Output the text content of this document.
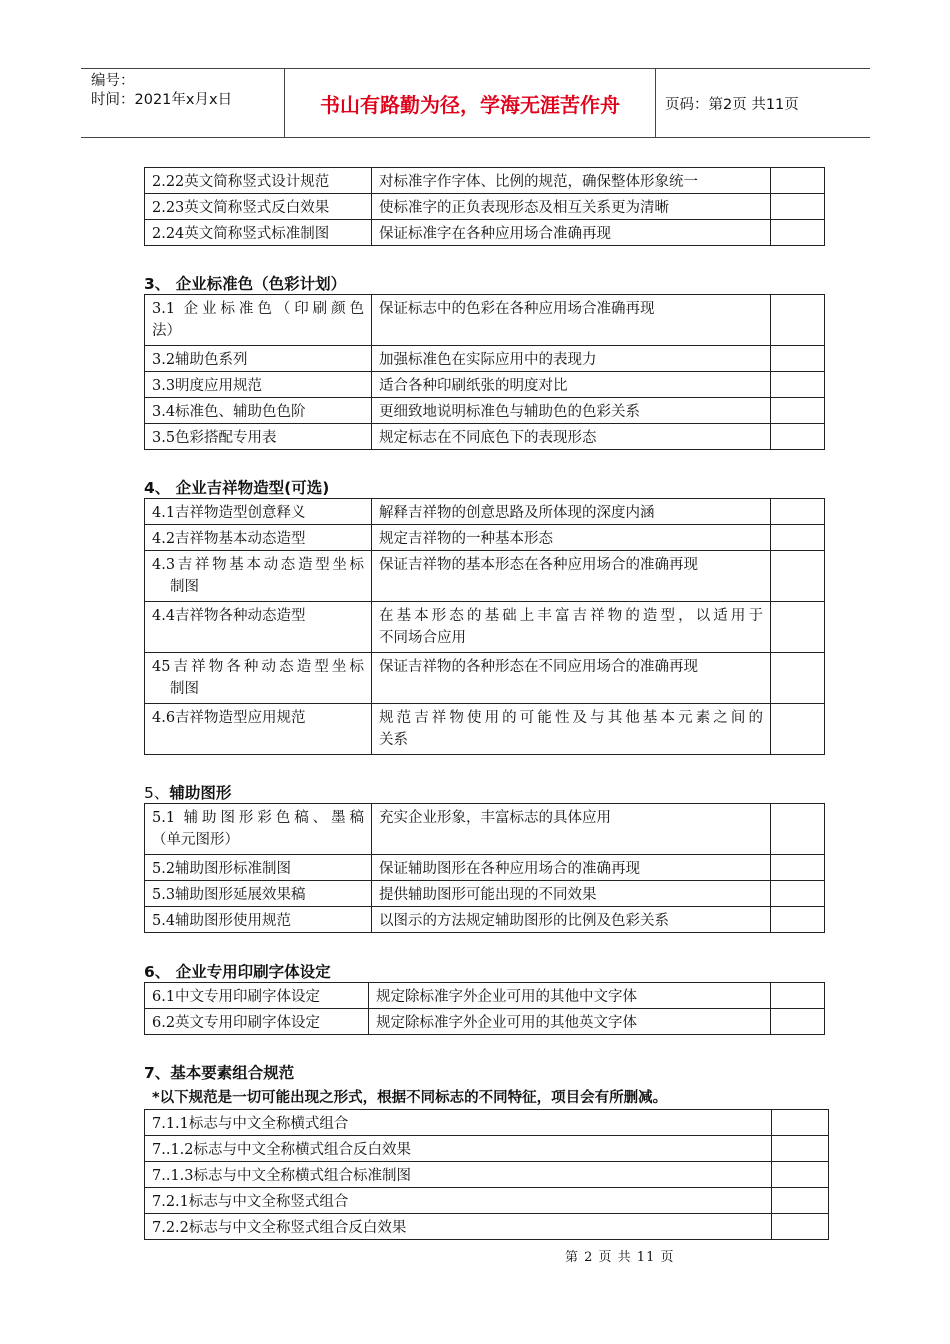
编号：
时间：2021年x月x日	书山有路勤为径，学海无涯苦作舟	页码：第2页 共11页
2.22英文简称竖式设计规范	对标准字作字体、比例的规范，确保整体形象统一	
2.23英文简称竖式反白效果	使标准字的正负表现形态及相互关系更为清晰	
2.24英文简称竖式标准制图	保证标准字在各种应用场合准确再现	
3、 企业标准色（色彩计划）
3.1 企业标准色（印刷颜色
法）	保证标志中的色彩在各种应用场合准确再现	
3.2辅助色系列	加强标准色在实际应用中的表现力	
3.3明度应用规范	适合各种印刷纸张的明度对比	
3.4标准色、辅助色色阶	更细致地说明标准色与辅助色的色彩关系	
3.5色彩搭配专用表	规定标志在不同底色下的表现形态	
4、 企业吉祥物造型(可选)
4.1吉祥物造型创意释义	解释吉祥物的创意思路及所体现的深度内涵	
4.2吉祥物基本动态造型	规定吉祥物的一种基本形态	

4.3吉祥物基本动态造型坐标
制图	保证吉祥物的基本形态在各种应用场合的准确再现	
4.4吉祥物各种动态造型	在基本形态的基础上丰富吉祥物的造型，以适用于
不同场合应用	

45吉祥物各种动态造型坐标
制图	保证吉祥物的各种形态在不同应用场合的准确再现	
4.6吉祥物造型应用规范	规范吉祥物使用的可能性及与其他基本元素之间的
关系	
5、辅助图形
5.1 辅助图形彩色稿、墨稿
（单元图形）	充实企业形象，丰富标志的具体应用	
5.2辅助图形标准制图	保证辅助图形在各种应用场合的准确再现	
5.3辅助图形延展效果稿	提供辅助图形可能出现的不同效果	
5.4辅助图形使用规范	以图示的方法规定辅助图形的比例及色彩关系	
6、 企业专用印刷字体设定
6.1中文专用印刷字体设定	规定除标准字外企业可用的其他中文字体	
6.2英文专用印刷字体设定	规定除标准字外企业可用的其他英文字体	
7、基本要素组合规范
*以下规范是一切可能出现之形式，根据不同标志的不同特征，项目会有所删减。
7.1.1标志与中文全称横式组合	
7..1.2标志与中文全称横式组合反白效果	
7..1.3标志与中文全称横式组合标准制图	
7.2.1标志与中文全称竖式组合	
7.2.2标志与中文全称竖式组合反白效果	
第 2 页 共 11 页
